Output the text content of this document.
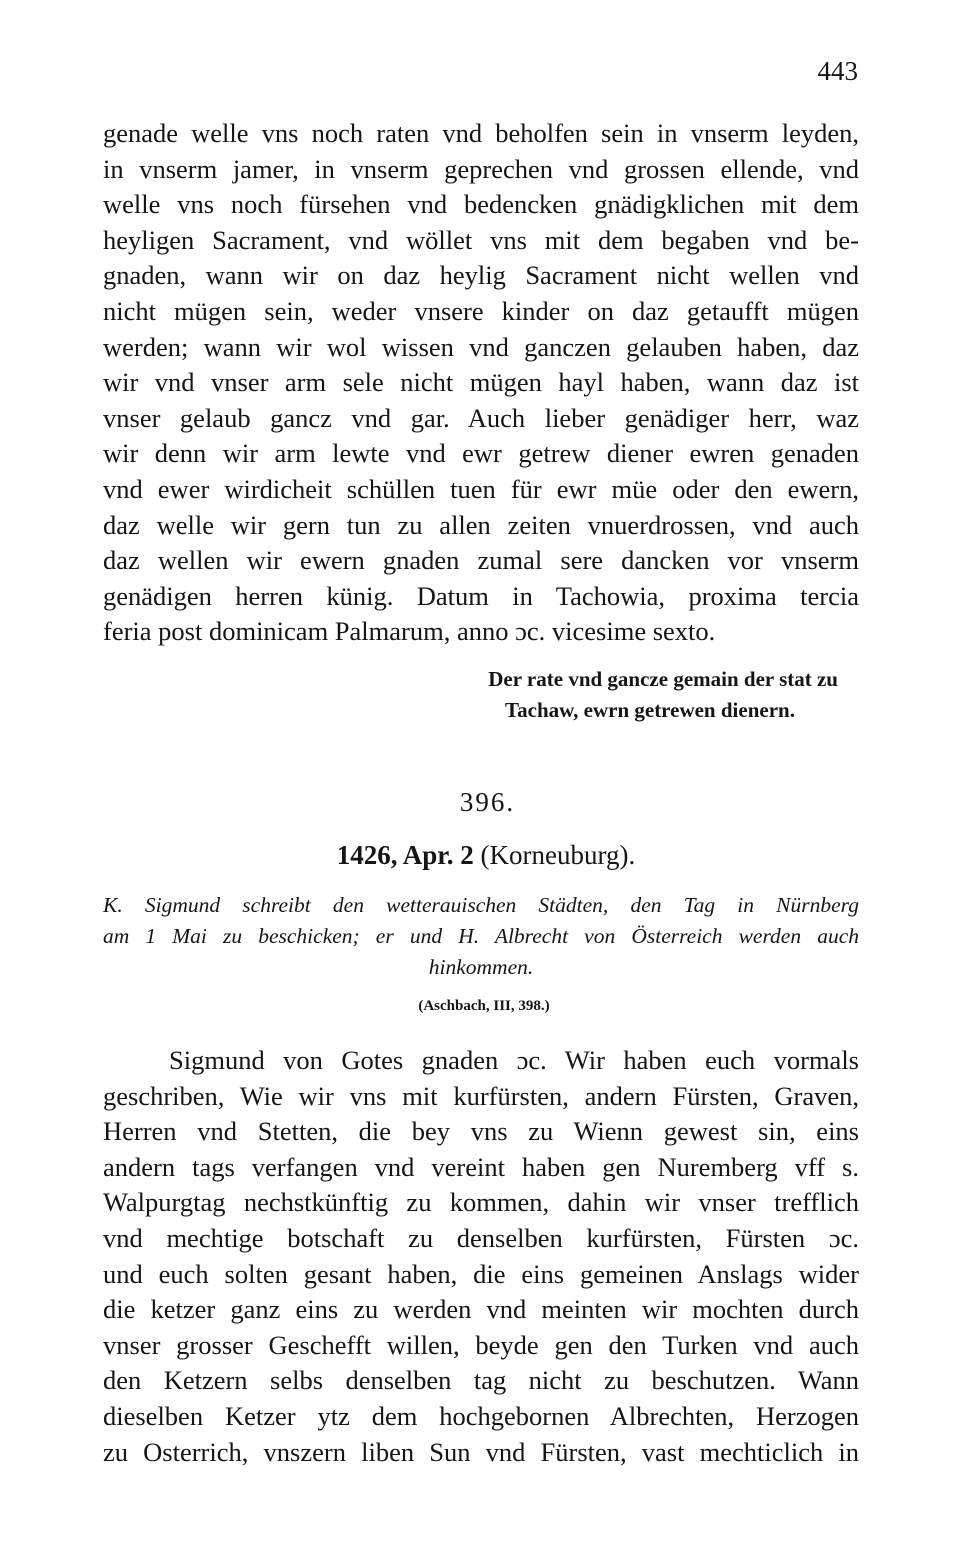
443
genade welle vns noch raten vnd beholfen sein in vnserm leyden,
in vnserm jamer, in vnserm geprechen vnd grossen ellende, vnd
welle vns noch fürsehen vnd bedencken gnädigklichen mit dem
heyligen Sacrament, vnd wöllet vns mit dem begaben vnd be-
gnaden, wann wir on daz heylig Sacrament nicht wellen vnd
nicht mügen sein, weder vnsere kinder on daz getaufft mügen
werden; wann wir wol wissen vnd ganczen gelauben haben, daz
wir vnd vnser arm sele nicht mügen hayl haben, wann daz ist
vnser gelaub gancz vnd gar. Auch lieber genädiger herr, waz
wir denn wir arm lewte vnd ewr getrew diener ewren genaden
vnd ewer wirdicheit schüllen tuen für ewr müe oder den ewern,
daz welle wir gern tun zu allen zeiten vnuerdrossen, vnd auch
daz wellen wir ewern gnaden zumal sere dancken vor vnserm
genädigen herren künig. Datum in Tachowia, proxima tercia
feria post dominicam Palmarum, anno ɔc. vicesime sexto.
Der rate vnd gancze gemain der stat zu
Tachaw, ewrn getrewen dienern.
396.
1426, Apr. 2 (Korneuburg).
K. Sigmund schreibt den wetterauischen Städten, den Tag in Nürnberg
am 1 Mai zu beschicken; er und H. Albrecht von Österreich werden auch
hinkommen.
(Aschbach, III, 398.)
Sigmund von Gotes gnaden ɔc. Wir haben euch vormals
geschriben, Wie wir vns mit kurfürsten, andern Fürsten, Graven,
Herren vnd Stetten, die bey vns zu Wienn gewest sin, eins
andern tags verfangen vnd vereint haben gen Nuremberg vff s.
Walpurgtag nechstkünftig zu kommen, dahin wir vnser trefflich
vnd mechtige botschaft zu denselben kurfürsten, Fürsten ɔc.
und euch solten gesant haben, die eins gemeinen Anslags wider
die ketzer ganz eins zu werden vnd meinten wir mochten durch
vnser grosser Geschefft willen, beyde gen den Turken vnd auch
den Ketzern selbs denselben tag nicht zu beschutzen. Wann
dieselben Ketzer ytz dem hochgebornen Albrechten, Herzogen
zu Osterrich, vnszern liben Sun vnd Fürsten, vast mechticlich in
